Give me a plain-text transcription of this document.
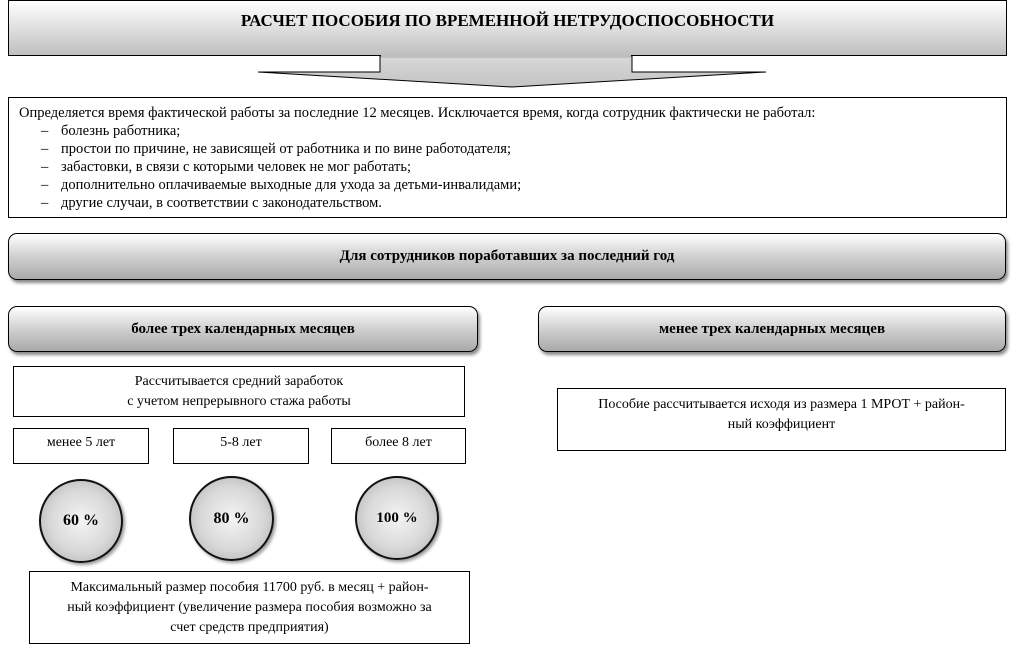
РАСЧЕТ ПОСОБИЯ ПО ВРЕМЕННОЙ НЕТРУДОСПОСОБНОСТИ
Определяется время фактической работы за последние 12 месяцев. Исключается время, когда сотрудник фактически не работал:
– болезнь работника;
– простои по причине, не зависящей от работника и по вине работодателя;
– забастовки, в связи с которыми человек не мог работать;
– дополнительно оплачиваемые выходные для ухода за детьми-инвалидами;
– другие случаи, в соответствии с законодательством.
Для сотрудников поработавших за последний год
более трех календарных месяцев	менее трех календарных месяцев
Рассчитывается средний заработок
с учетом непрерывного стажа работы
менее 5 лет	5-8 лет	более 8 лет
60 %	80 %	100 %
Максимальный размер пособия 11700 руб. в месяц + район-
ный коэффициент (увеличение размера пособия возможно за
счет средств предприятия)
Пособие рассчитывается исходя из размера 1 МРОТ + район-
ный коэффициент
